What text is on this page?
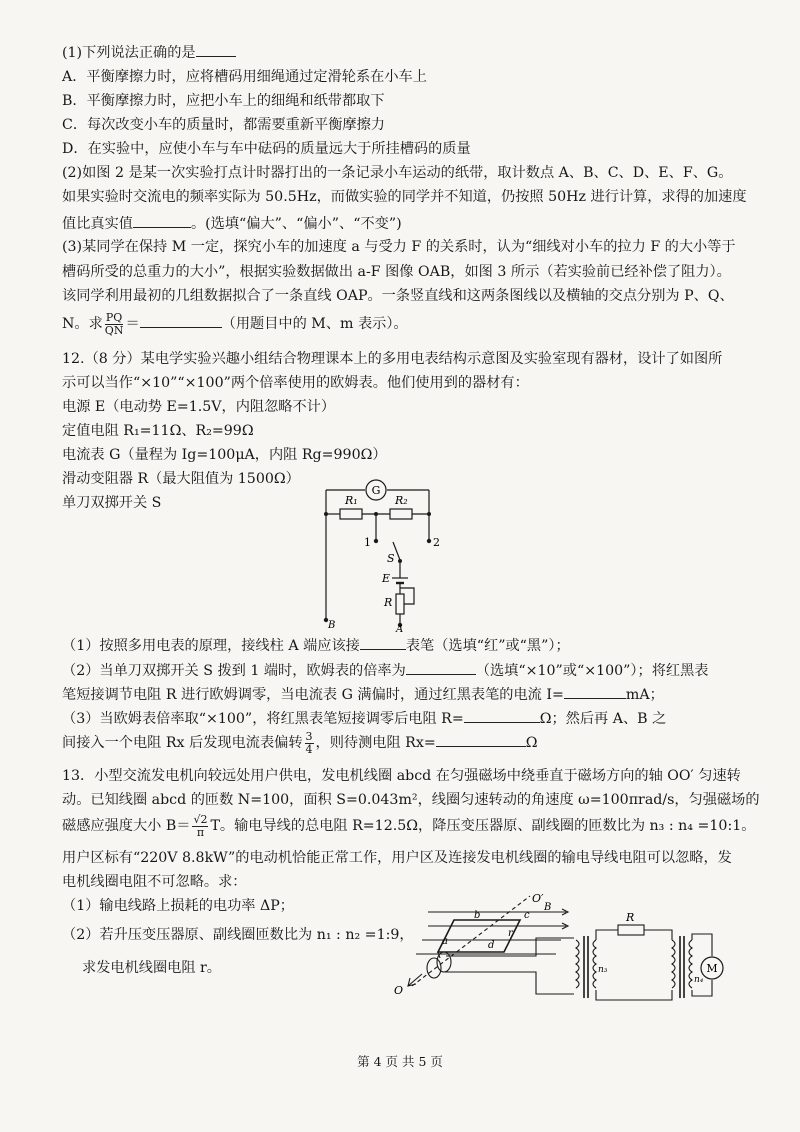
(1)下列说法正确的是
A．平衡摩擦力时，应将槽码用细绳通过定滑轮系在小车上
B．平衡摩擦力时，应把小车上的细绳和纸带都取下
C．每次改变小车的质量时，都需要重新平衡摩擦力
D．在实验中，应使小车与车中砝码的质量远大于所挂槽码的质量
(2)如图 2 是某一次实验打点计时器打出的一条记录小车运动的纸带，取计数点 A、B、C、D、E、F、G。
如果实验时交流电的频率实际为 50.5Hz，而做实验的同学并不知道，仍按照 50Hz 进行计算，求得的加速度
值比真实值	。(选填“偏大”、“偏小”、“不变”)
(3)某同学在保持 M 一定，探究小车的加速度 a 与受力 F 的关系时，认为“细线对小车的拉力 F 的大小等于
槽码所受的总重力的大小”，根据实验数据做出 a-F 图像 OAB，如图 3 所示（若实验前已经补偿了阻力）。
该同学利用最初的几组数据拟合了一条直线 OAP。一条竖直线和这两条图线以及横轴的交点分别为 P、Q、
N。求 $\frac{PQ}{QN}$ ＝	（用题目中的 M、m 表示）。
12.（8 分）某电学实验兴趣小组结合物理课本上的多用电表结构示意图及实验室现有器材，设计了如图所
示可以当作“×10”“×100”两个倍率使用的欧姆表。他们使用到的器材有：
电源 E（电动势 E=1.5V，内阻忽略不计）
定值电阻 R₁=11Ω、R₂=99Ω
电流表 G（量程为 Ig=100μA，内阻 Rg=990Ω）
滑动变阻器 R（最大阻值为 1500Ω）
单刀双掷开关 S
G
R₁	R₂
1	2
S
E
R
A
B
（1）按照多用电表的原理，接线柱 A 端应该接	表笔（选填“红”或“黑”）；
（2）当单刀双掷开关 S 拨到 1 端时，欧姆表的倍率为	（选填“×10”或“×100”）；将红黑表
笔短接调节电阻 R 进行欧姆调零，当电流表 G 满偏时，通过红黑表笔的电流 I=	mA；
（3）当欧姆表倍率取“×100”，将红黑表笔短接调零后电阻 R=	Ω；然后再 A、B 之
间接入一个电阻 Rx 后发现电流表偏转 $\frac{3}{4}$ ，则待测电阻 Rx=	Ω
13．小型交流发电机向较远处用户供电，发电机线圈 abcd 在匀强磁场中绕垂直于磁场方向的轴 OO′ 匀速转
动。已知线圈 abcd 的匝数 N=100，面积 S=0.043m²，线圈匀速转动的角速度 ω=100πrad/s，匀强磁场的
磁感应强度大小 $B= \frac{√2}{\pi}$ T。输电导线的总电阻 R=12.5Ω，降压变压器原、副线圈的匝数比为 n₃ : n₄ =10:1。
用户区标有“220V 8.8kW”的电动机恰能正常工作，用户区及连接发电机线圈的输电导线电阻可以忽略，发
电机线圈电阻不可忽略。求：
（1）输电线路上损耗的电功率 ΔP；
（2）若升压变压器原、副线圈匝数比为 n₁ : n₂ =1:9，
求发电机线圈电阻 r。	M
O
O′
a
b	c
d
B
r
R
n₃
n₄
第 4 页 共 5 页
